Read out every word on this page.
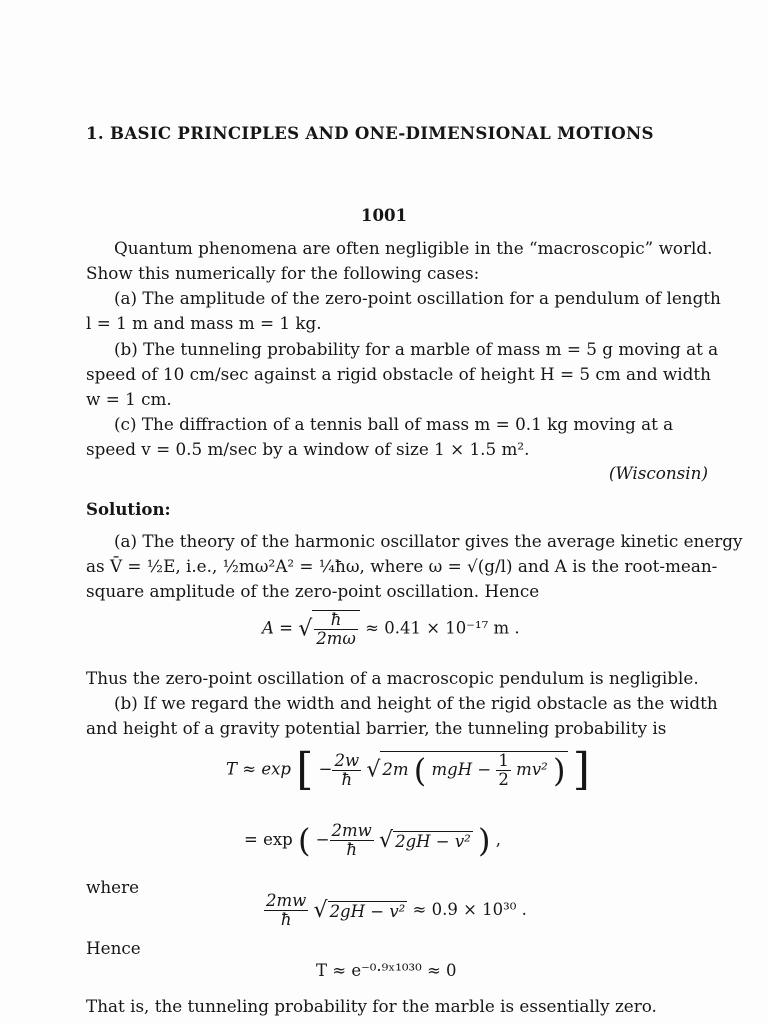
1. BASIC PRINCIPLES AND ONE-DIMENSIONAL MOTIONS
1001
Quantum phenomena are often negligible in the “macroscopic” world.
Show this numerically for the following cases:
(a) The amplitude of the zero-point oscillation for a pendulum of length
l = 1 m and mass m = 1 kg.
(b) The tunneling probability for a marble of mass m = 5 g moving at a
speed of 10 cm/sec against a rigid obstacle of height H = 5 cm and width
w = 1 cm.
(c) The diffraction of a tennis ball of mass m = 0.1 kg moving at a
speed v = 0.5 m/sec by a window of size 1 × 1.5 m².
(Wisconsin)
Solution:
(a) The theory of the harmonic oscillator gives the average kinetic energy
as V̄ = ½E, i.e., ½mω²A² = ¼ħω, where ω = √(g/l) and A is the root-mean-
square amplitude of the zero-point oscillation. Hence
A = √ $\frac{ħ}{2m\omega} \approx 0.41 \times 10^{-17}$ m .
Thus the zero-point oscillation of a macroscopic pendulum is negligible.
(b) If we regard the width and height of the rigid obstacle as the width
and height of a gravity potential barrier, the tunneling probability is
T ≈ exp [ − $\frac{2w}{ħ}$ √ 2m ( mgH − $\frac{1}{2} mv^2$ ) ]
= exp ( − $\frac{2mw}{ħ}$ √ 2gH − v² ) ,
where
$\frac{2mw}{ħ}$ √ 2gH − v² ≈ 0.9 × 10³⁰ .
Hence
T ≈ e⁻⁰·⁹ˣ¹⁰³⁰ ≈ 0
That is, the tunneling probability for the marble is essentially zero.
